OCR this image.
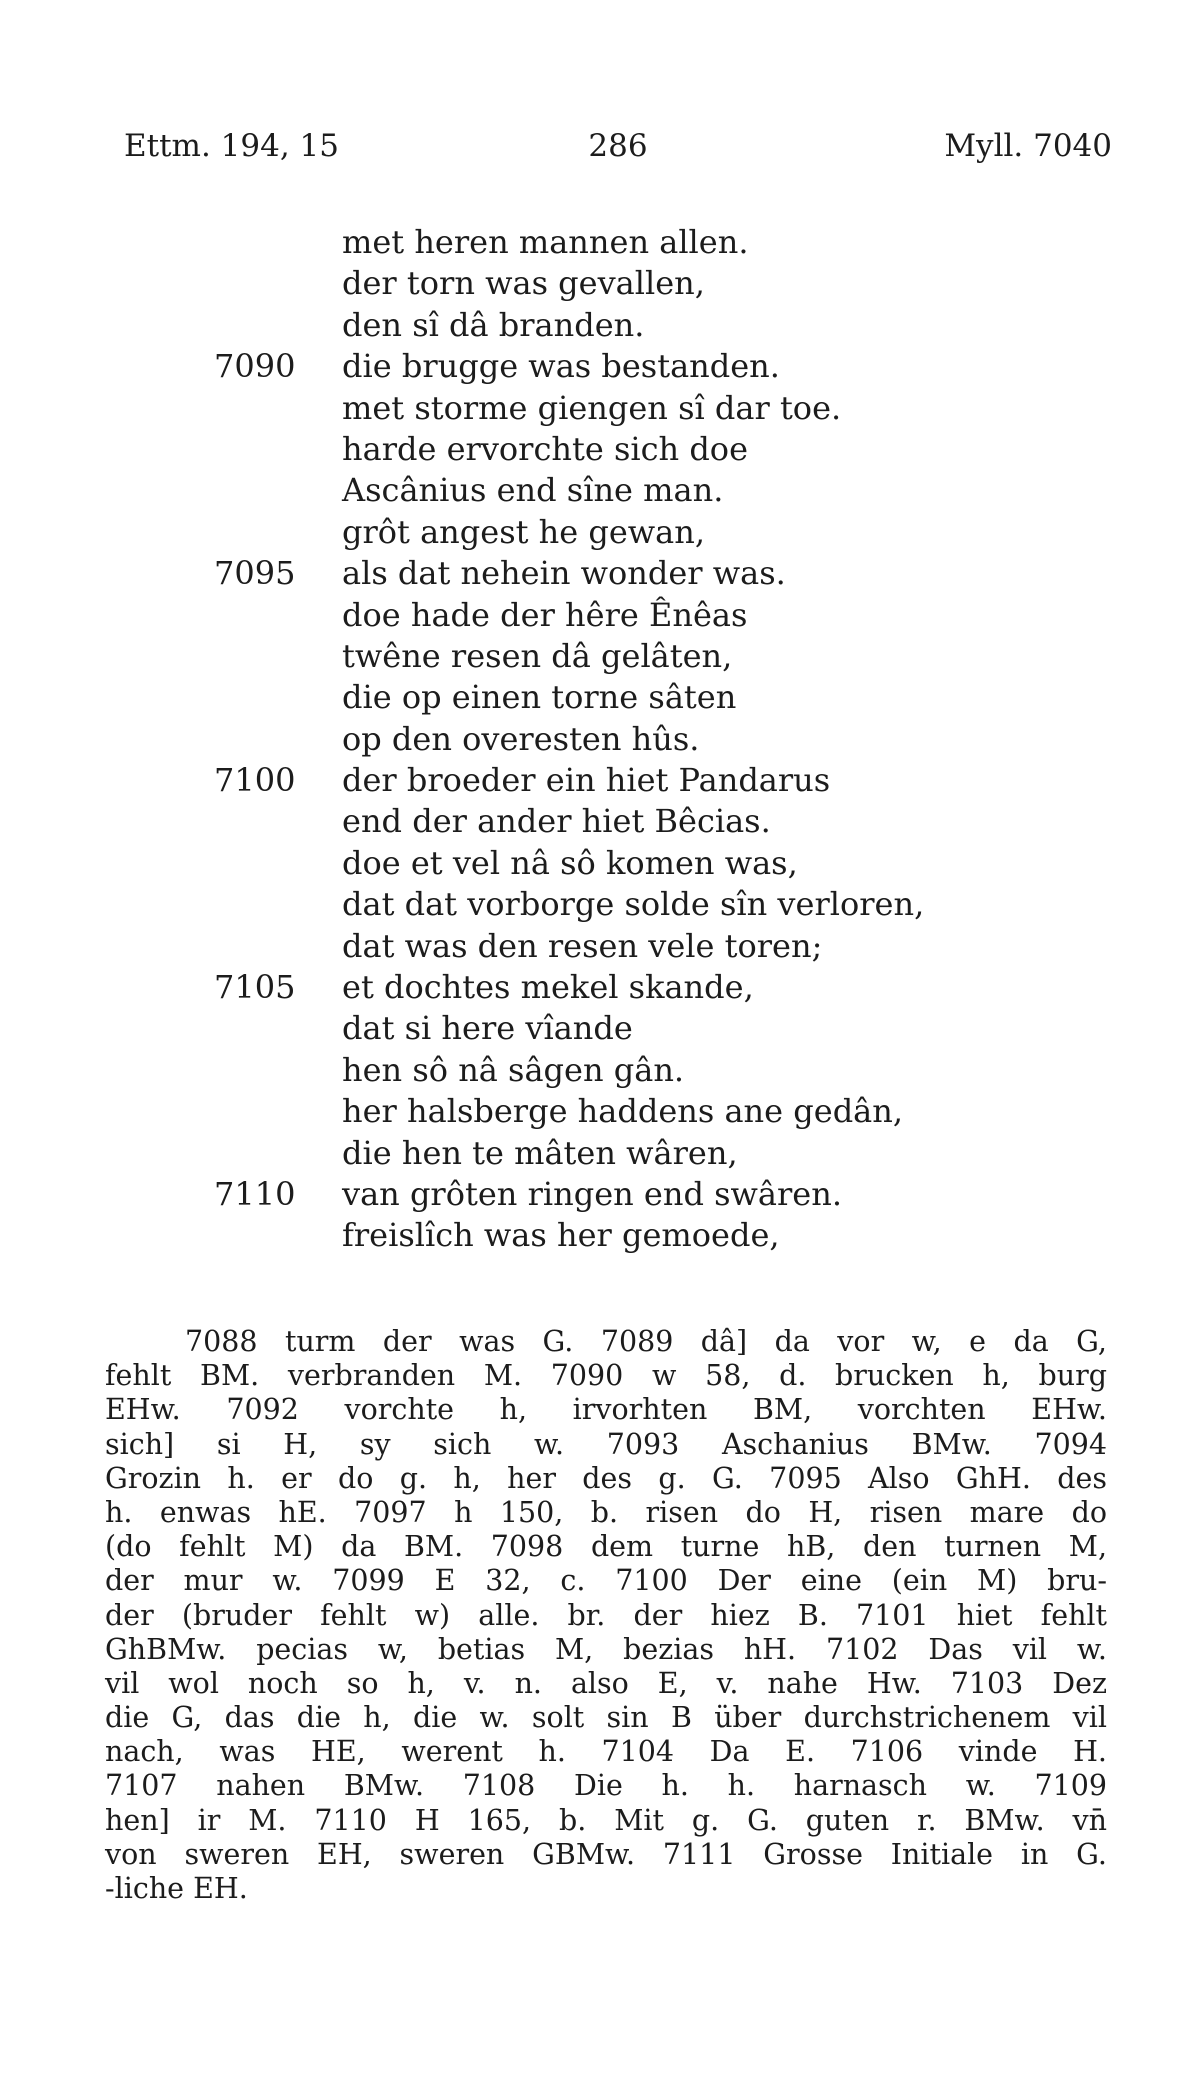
Ettm. 194, 15	286	Myll. 7040
met heren mannen allen.
der torn was gevallen,
den sî dâ branden.
7090	die brugge was bestanden.
met storme giengen sî dar toe.
harde ervorchte sich doe
Ascânius end sîne man.
grôt angest he gewan,
7095	als dat nehein wonder was.
doe hade der hêre Ênêas
twêne resen dâ gelâten,
die op einen torne sâten
op den overesten hûs.
7100	der broeder ein hiet Pandarus
end der ander hiet Bêcias.
doe et vel nâ sô komen was,
dat dat vorborge solde sîn verloren,
dat was den resen vele toren;
7105	et dochtes mekel skande,
dat si here vîande
hen sô nâ sâgen gân.
her halsberge haddens ane gedân,
die hen te mâten wâren,
7110	van grôten ringen end swâren.
freislîch was her gemoede,
7088 turm der was G. 7089 dâ] da vor w, e da G,
fehlt BM. verbranden M. 7090 w 58, d. brucken h, burg
EHw. 7092 vorchte h, irvorhten BM, vorchten EHw.
sich] si H, sy sich w. 7093 Aschanius BMw. 7094
Grozin h. er do g. h, her des g. G. 7095 Also GhH. des
h. enwas hE. 7097 h 150, b. risen do H, risen mare do
(do fehlt M) da BM. 7098 dem turne hB, den turnen M,
der mur w. 7099 E 32, c. 7100 Der eine (ein M) bru-
der (bruder fehlt w) alle. br. der hiez B. 7101 hiet fehlt
GhBMw. pecias w, betias M, bezias hH. 7102 Das vil w.
vil wol noch so h, v. n. also E, v. nahe Hw. 7103 Dez
die G, das die h, die w. solt sin B über durchstrichenem vil
nach, was HE, werent h. 7104 Da E. 7106 vinde H.
7107 nahen BMw. 7108 Die h. h. harnasch w. 7109
hen] ir M. 7110 H 165, b. Mit g. G. guten r. BMw. vn̄
von sweren EH, sweren GBMw. 7111 Grosse Initiale in G.
-liche EH.
